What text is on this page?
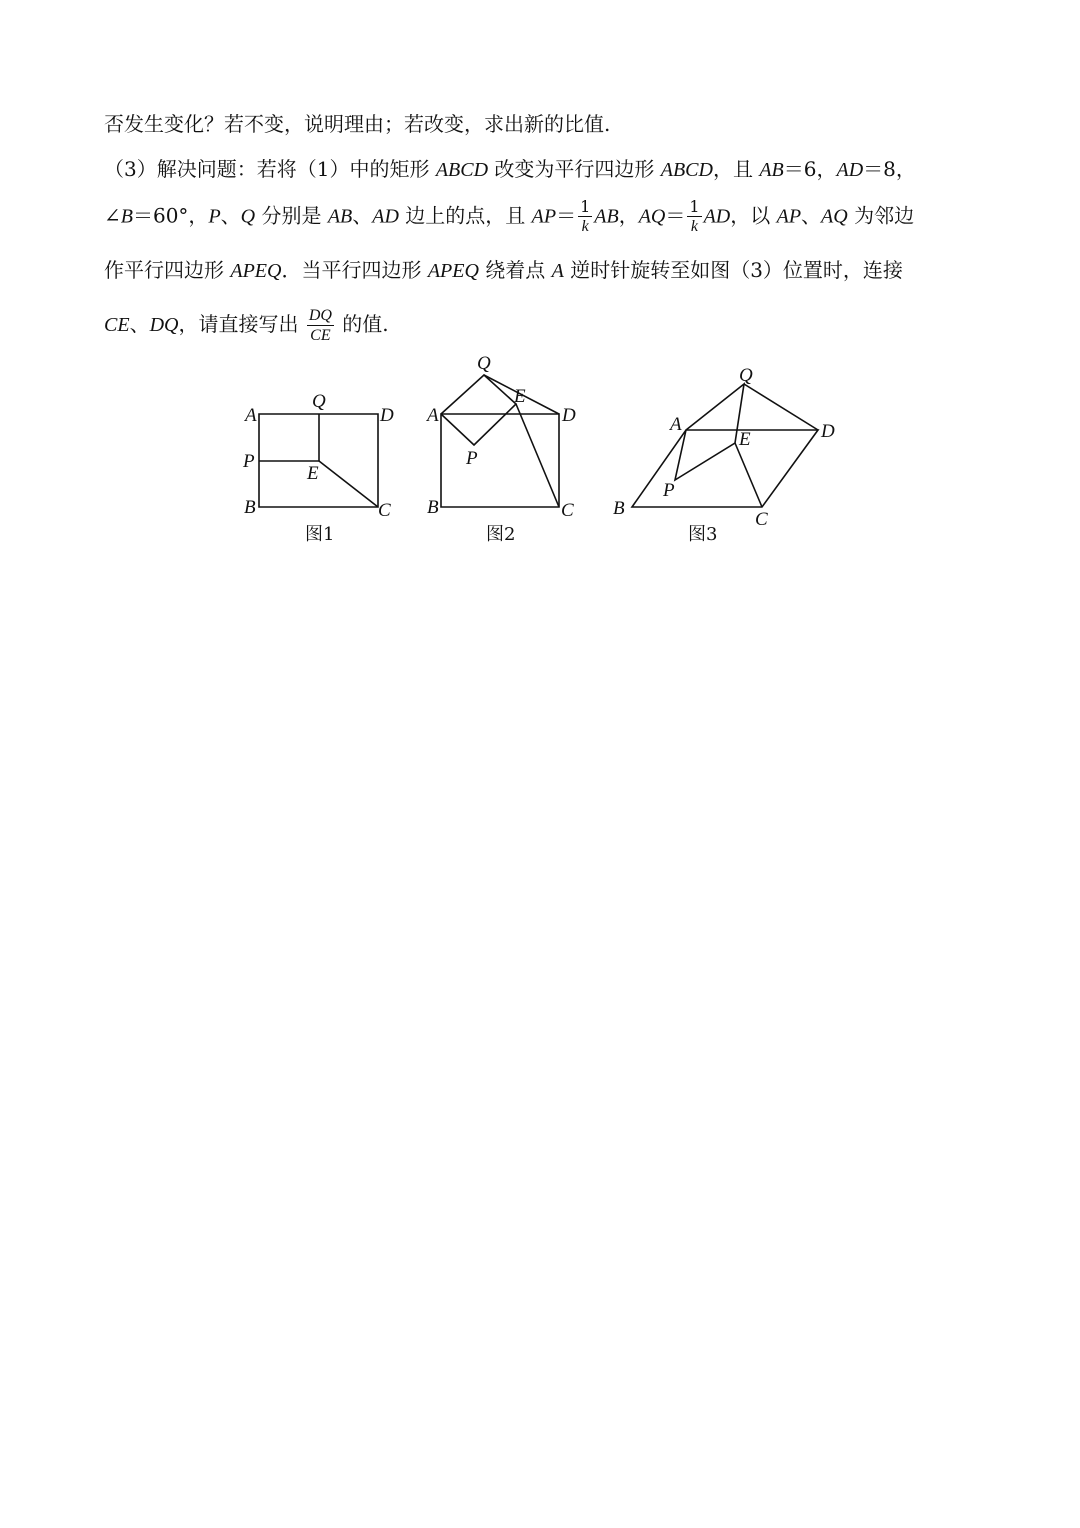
否发生变化？若不变，说明理由；若改变，求出新的比值.
（3）解决问题：若将（1）中的矩形 ABCD 改变为平行四边形 ABCD，且 AB＝6，AD＝8，
∠B＝60°，P、Q 分别是 AB、AD 边上的点，且 $AP= \frac{1}{k}$ AB，$AQ= \frac{1}{k}$ AD，以 AP、AQ 为邻边
作平行四边形 APEQ．当平行四边形 APEQ 绕着点 A 逆时针旋转至如图（3）位置时，连接
CE、DQ，请直接写出 $\frac{DQ}{CE}$ 的值.
A
Q
D
P
E
B	C
图1
Q
A
E
D
P
B	C
图2
Q
A
E	D
P
B
C
图3
